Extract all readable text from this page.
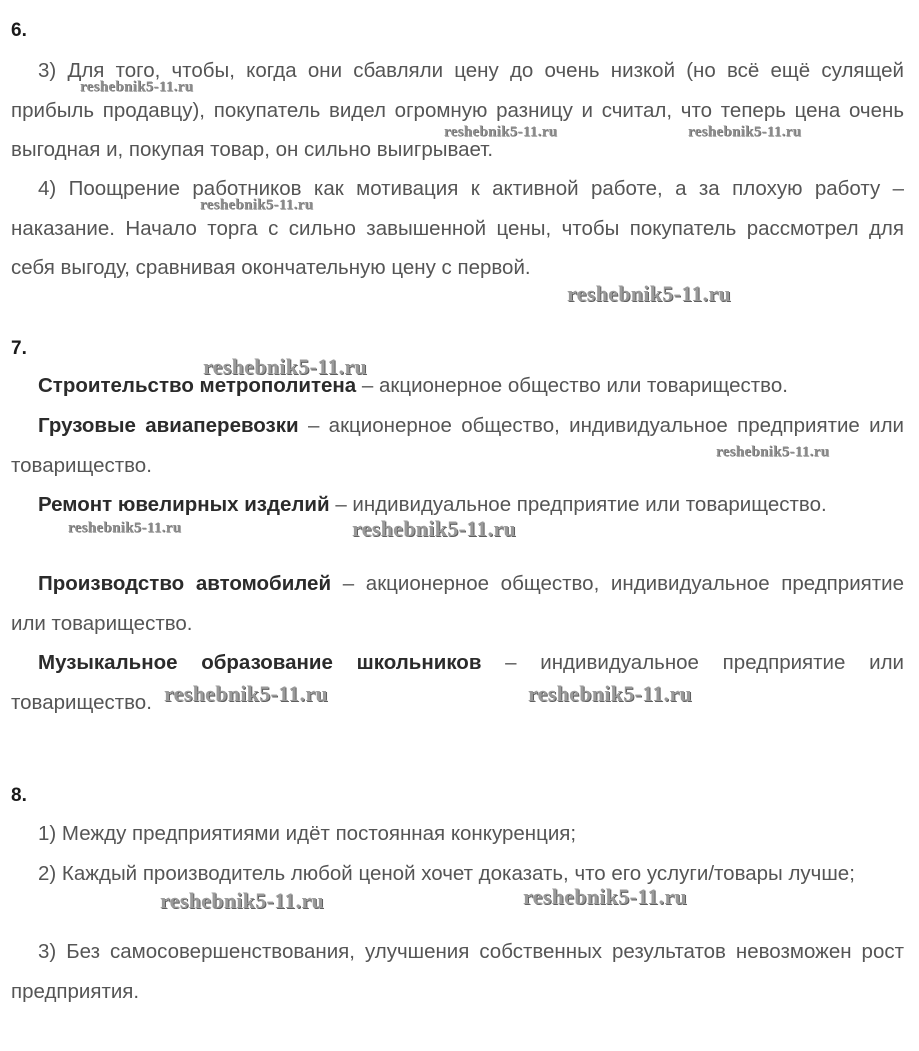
6.

3) Для того, чтобы, когда они сбавляли цену до очень низкой (но всё ещё сулящей прибыль продавцу), покупатель видел огромную разницу и считал, что теперь цена очень выгодная и, покупая товар, он сильно выигрывает.

4) Поощрение работников как мотивация к активной работе, а за плохую работу – наказание. Начало торга с сильно завышенной цены, чтобы покупатель рассмотрел для себя выгоду, сравнивая окончательную цену с первой.

7.

Строительство метрополитена – акционерное общество или товарищество.

Грузовые авиаперевозки – акционерное общество, индивидуальное предприятие или товарищество.

Ремонт ювелирных изделий – индивидуальное предприятие или товарищество.

Производство автомобилей – акционерное общество, индивидуальное предприятие или товарищество.

Музыкальное образование школьников – индивидуальное предприятие или товарищество.

8.

1) Между предприятиями идёт постоянная конкуренция;

2) Каждый производитель любой ценой хочет доказать, что его услуги/товары лучше;

3) Без самосовершенствования, улучшения собственных результатов невозможен рост предприятия.

reshebnik5-11.ru
reshebnik5-11.ru	reshebnik5-11.ru
reshebnik5-11.ru
reshebnik5-11.ru
reshebnik5-11.ru
reshebnik5-11.ru
reshebnik5-11.ru	reshebnik5-11.ru
reshebnik5-11.ru	reshebnik5-11.ru
reshebnik5-11.ru	reshebnik5-11.ru
